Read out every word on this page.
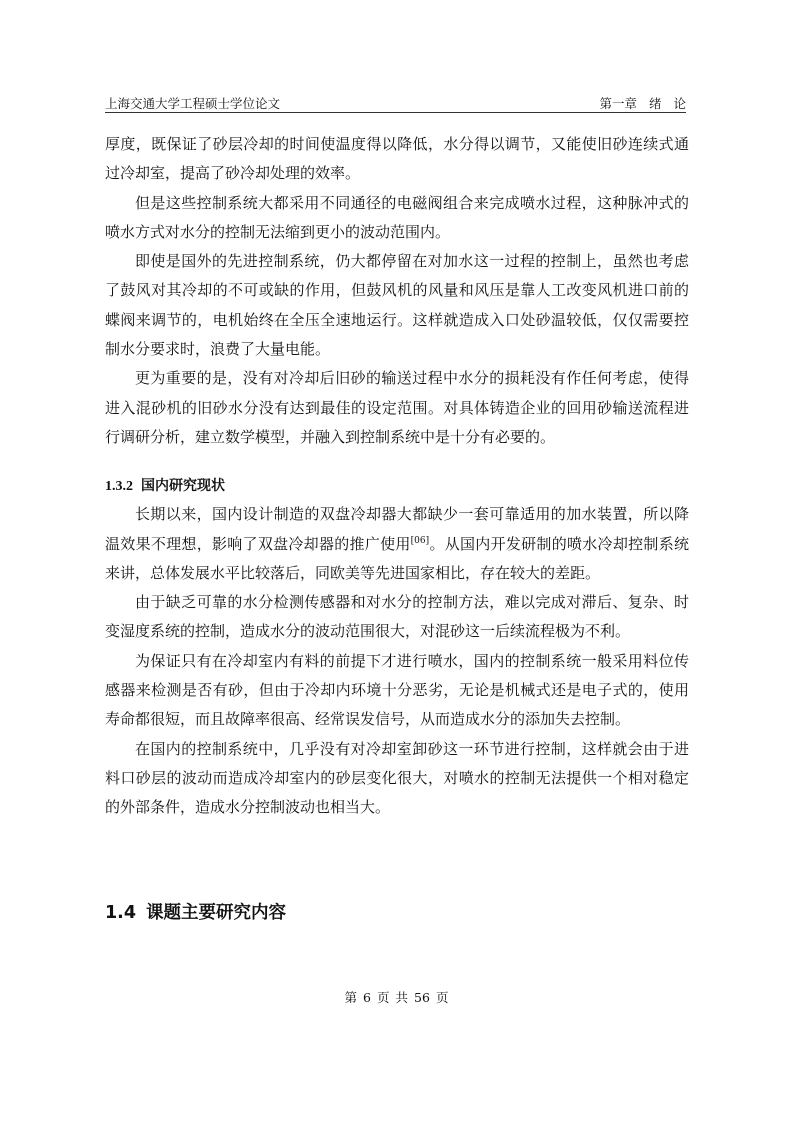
上海交通大学工程硕士学位论文	第一章 绪 论

厚度，既保证了砂层冷却的时间使温度得以降低，水分得以调节，又能使旧砂连续式通过冷却室，提高了砂冷却处理的效率。

但是这些控制系统大都采用不同通径的电磁阀组合来完成喷水过程，这种脉冲式的喷水方式对水分的控制无法缩到更小的波动范围内。

即使是国外的先进控制系统，仍大都停留在对加水这一过程的控制上，虽然也考虑了鼓风对其冷却的不可或缺的作用，但鼓风机的风量和风压是靠人工改变风机进口前的蝶阀来调节的，电机始终在全压全速地运行。这样就造成入口处砂温较低，仅仅需要控制水分要求时，浪费了大量电能。

更为重要的是，没有对冷却后旧砂的输送过程中水分的损耗没有作任何考虑，使得进入混砂机的旧砂水分没有达到最佳的设定范围。对具体铸造企业的回用砂输送流程进行调研分析，建立数学模型，并融入到控制系统中是十分有必要的。

1.3.2 国内研究现状

长期以来，国内设计制造的双盘冷却器大都缺少一套可靠适用的加水装置，所以降温效果不理想，影响了双盘冷却器的推广使用[06]。从国内开发研制的喷水冷却控制系统来讲，总体发展水平比较落后，同欧美等先进国家相比，存在较大的差距。

由于缺乏可靠的水分检测传感器和对水分的控制方法，难以完成对滞后、复杂、时变湿度系统的控制，造成水分的波动范围很大，对混砂这一后续流程极为不利。

为保证只有在冷却室内有料的前提下才进行喷水，国内的控制系统一般采用料位传感器来检测是否有砂，但由于冷却内环境十分恶劣，无论是机械式还是电子式的，使用寿命都很短，而且故障率很高、经常误发信号，从而造成水分的添加失去控制。

在国内的控制系统中，几乎没有对冷却室卸砂这一环节进行控制，这样就会由于进料口砂层的波动而造成冷却室内的砂层变化很大，对喷水的控制无法提供一个相对稳定的外部条件，造成水分控制波动也相当大。

1.4 课题主要研究内容
第 6 页 共 56 页
